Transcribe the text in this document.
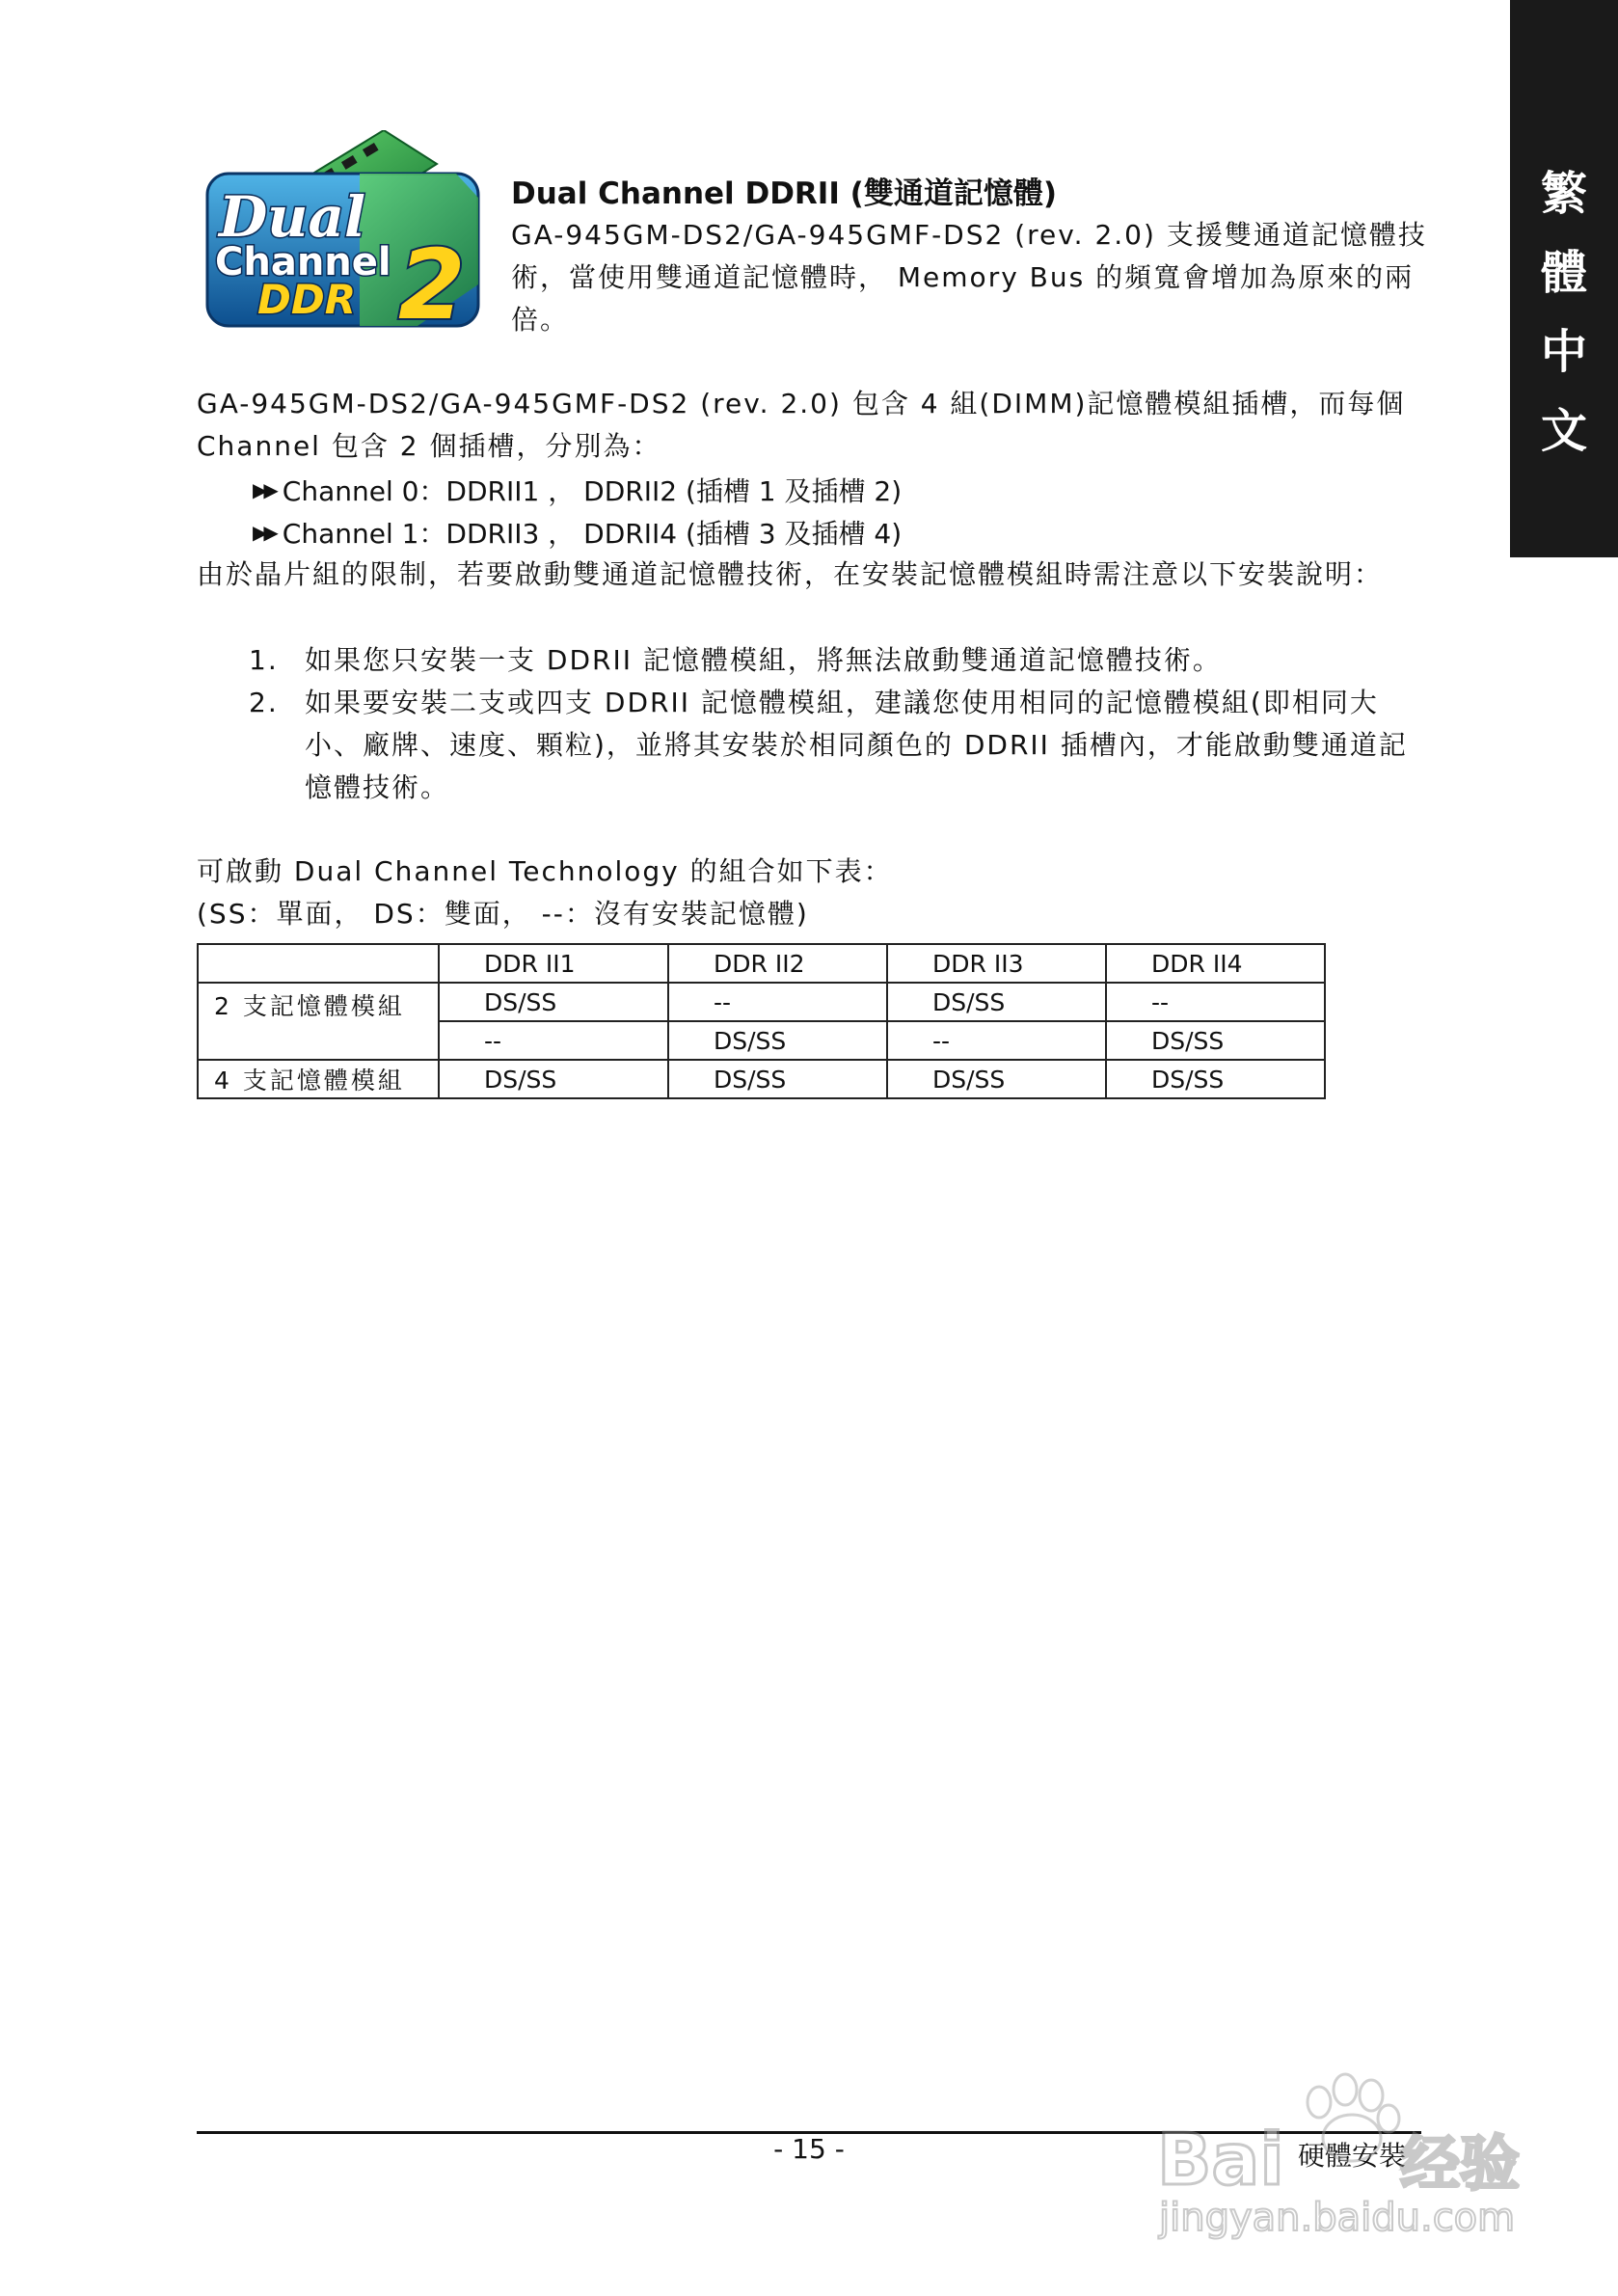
繁
體
中
文
Dual
Channel
DDR 2
Dual Channel DDRII (雙通道記憶體)
GA-945GM-DS2/GA-945GMF-DS2 (rev. 2.0) 支援雙通道記憶體技術，當使用雙通道記憶體時， Memory Bus 的頻寬會增加為原來的兩倍。
GA-945GM-DS2/GA-945GMF-DS2 (rev. 2.0) 包含 4 組(DIMM)記憶體模組插槽，而每個 Channel 包含 2 個插槽，分別為：
▶▶ Channel 0：DDRII1 ， DDRII2 (插槽 1 及插槽 2)
▶▶ Channel 1：DDRII3 ， DDRII4 (插槽 3 及插槽 4)
由於晶片組的限制，若要啟動雙通道記憶體技術，在安裝記憶體模組時需注意以下安裝說明：
1. 如果您只安裝一支 DDRII 記憶體模組，將無法啟動雙通道記憶體技術。
2. 如果要安裝二支或四支 DDRII 記憶體模組，建議您使用相同的記憶體模組(即相同大小、廠牌、速度、顆粒)，並將其安裝於相同顏色的 DDRII 插槽內，才能啟動雙通道記憶體技術。
可啟動 Dual Channel Technology 的組合如下表：
(SS：單面， DS：雙面， --：沒有安裝記憶體)
	DDR II1	DDR II2	DDR II3	DDR II4
2 支記憶體模組	DS/SS	--	DS/SS	--
	--	DS/SS	--	DS/SS
4 支記憶體模組	DS/SS	DS/SS	DS/SS	DS/SS
- 15 -	硬體安裝
Bai 经验
jingyan.baidu.com
